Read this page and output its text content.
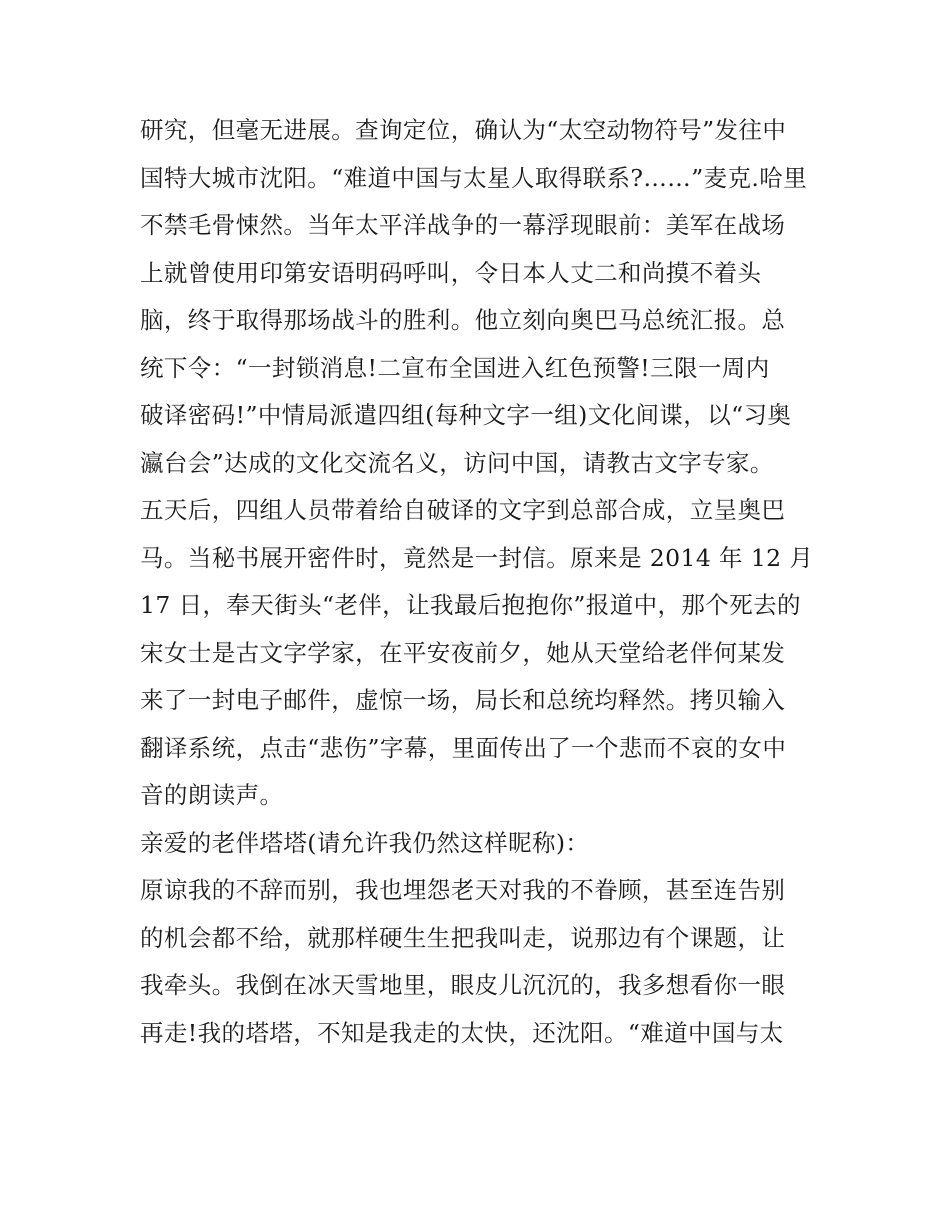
研究，但毫无进展。查询定位，确认为“太空动物符号”发往中
国特大城市沈阳。“难道中国与太星人取得联系?……”麦克.哈里
不禁毛骨悚然。当年太平洋战争的一幕浮现眼前：美军在战场
上就曾使用印第安语明码呼叫，令日本人丈二和尚摸不着头
脑，终于取得那场战斗的胜利。他立刻向奥巴马总统汇报。总
统下令：“一封锁消息!二宣布全国进入红色预警!三限一周内
破译密码!”中情局派遣四组(每种文字一组)文化间谍，以“习奥
瀛台会”达成的文化交流名义，访问中国，请教古文字专家。
五天后，四组人员带着给自破译的文字到总部合成，立呈奥巴
马。当秘书展开密件时，竟然是一封信。原来是 2014 年 12 月
17 日，奉天街头“老伴，让我最后抱抱你”报道中，那个死去的
宋女士是古文字学家，在平安夜前夕，她从天堂给老伴何某发
来了一封电子邮件，虚惊一场，局长和总统均释然。拷贝输入
翻译系统，点击“悲伤”字幕，里面传出了一个悲而不哀的女中
音的朗读声。
亲爱的老伴塔塔(请允许我仍然这样昵称)：
原谅我的不辞而别，我也埋怨老天对我的不眷顾，甚至连告别
的机会都不给，就那样硬生生把我叫走，说那边有个课题，让
我牵头。我倒在冰天雪地里，眼皮儿沉沉的，我多想看你一眼
再走!我的塔塔，不知是我走的太快，还沈阳。“难道中国与太
